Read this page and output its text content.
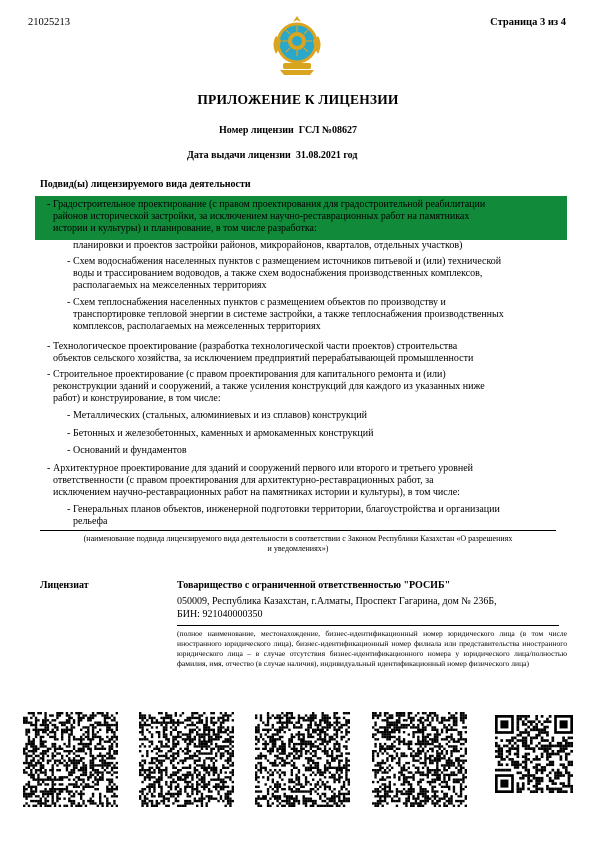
21025213	Страница 3 из 4
ПРИЛОЖЕНИЕ К ЛИЦЕНЗИИ
Номер лицензии ГСЛ №08627
Дата выдачи лицензии 31.08.2021 год
Подвид(ы) лицензируемого вида деятельности
- Градостроительное проектирование (с правом проектирования для градостроительной реабилитации
районов исторической застройки, за исключением научно-реставрационных работ на памятниках
истории и культуры) и планирование, в том числе разработка:
планировки и проектов застройки районов, микрорайонов, кварталов, отдельных участков)
- Схем водоснабжения населенных пунктов с размещением источников питьевой и (или) технической
воды и трассированием водоводов, а также схем водоснабжения производственных комплексов,
располагаемых на межселенных территориях
- Схем теплоснабжения населенных пунктов с размещением объектов по производству и
транспортировке тепловой энергии в системе застройки, а также теплоснабжения производственных
комплексов, располагаемых на межселенных территориях
- Технологическое проектирование (разработка технологической части проектов) строительства
объектов сельского хозяйства, за исключением предприятий перерабатывающей промышленности
- Строительное проектирование (с правом проектирования для капитального ремонта и (или)
реконструкции зданий и сооружений, а также усиления конструкций для каждого из указанных ниже
работ) и конструирование, в том числе:
- Металлических (стальных, алюминиевых и из сплавов) конструкций
- Бетонных и железобетонных, каменных и армокаменных конструкций
- Оснований и фундаментов
- Архитектурное проектирование для зданий и сооружений первого или второго и третьего уровней
ответственности (с правом проектирования для архитектурно-реставрационных работ, за
исключением научно-реставрационных работ на памятниках истории и культуры), в том числе:
- Генеральных планов объектов, инженерной подготовки территории, благоустройства и организации
рельефа
(наименование подвида лицензируемого вида деятельности в соответствии с Законом Республики Казахстан «О разрешениях
и уведомлениях»)
Лицензиат	Товарищество с ограниченной ответственностью "РОСИБ"
050009, Республика Казахстан, г.Алматы, Проспект Гагарина, дом № 236Б,
БИН: 921040000350
(полное наименование, местонахождение, бизнес-идентификационный номер юридического лица (в том числе иностранного юридического лица), бизнес-идентификационный номер филиала или представительства иностранного юридического лица – в случае отсутствия бизнес-идентификационного номера у юридического лица/полностью фамилия, имя, отчество (в случае наличия), индивидуальный идентификационный номер физического лица)
